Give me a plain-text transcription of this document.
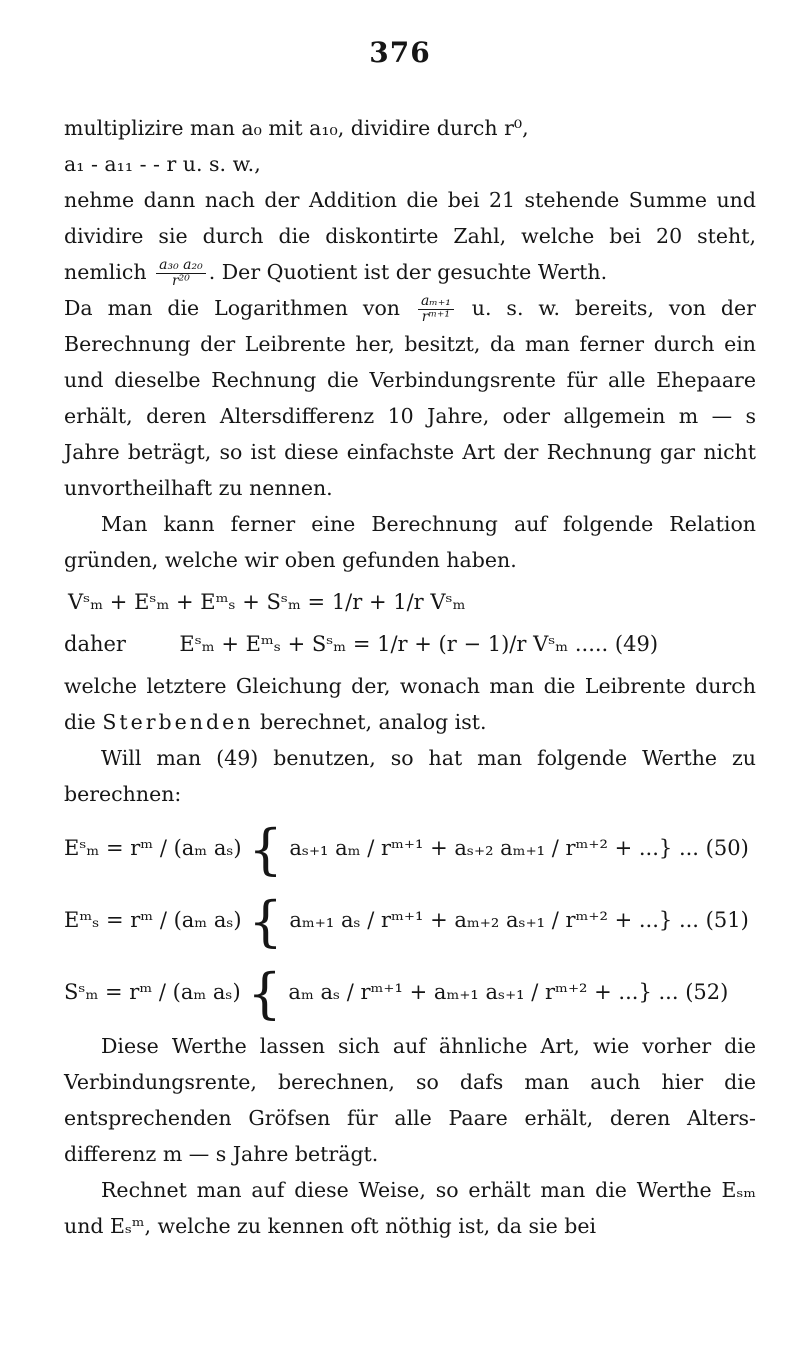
376

multiplizire man a₀ mit a₁₀, dividire durch r⁰,

a₁ - a₁₁ - - r u. s. w.,

nehme dann nach der Addition die bei 21 stehende Summe und dividire sie durch die diskontirte Zahl, welche bei 20 steht, nemlich $\frac{\text{a₃₀ a₂₀}}{\text{r²⁰}}$ . Der Quotient ist der gesuchte Werth.

Da man die Logarithmen von $\frac{\text{aₘ₊₁}}{\text{rᵐ⁺¹}} u$. s. w. bereits, von der Berechnung der Leibrente her, besitzt, da man ferner durch ein und dieselbe Rechnung die Verbindungsrente für alle Ehepaare erhält, deren Altersdifferenz 10 Jahre, oder allgemein m — s Jahre beträgt, so ist diese einfachste Art der Rechnung gar nicht unvortheilhaft zu nennen.

Man kann ferner eine Berechnung auf folgende Relation gründen, welche wir oben gefunden haben.

Vˢₘ + Eˢₘ + Eᵐₛ + Sˢₘ = 1/r + 1/r Vˢₘ
daher	Eˢₘ + Eᵐₛ + Sˢₘ = 1/r + (r − 1)/r Vˢₘ ..... (49)

welche letztere Gleichung der, wonach man die Leibrente durch die Sterbenden berechnet, analog ist.

Will man (49) benutzen, so hat man folgende Werthe zu berechnen:

Eˢₘ = rᵐ / (aₘ aₛ) { aₛ₊₁ aₘ / rᵐ⁺¹ + aₛ₊₂ aₘ₊₁ / rᵐ⁺² + ...} ... (50)
Eᵐₛ = rᵐ / (aₘ aₛ) { aₘ₊₁ aₛ / rᵐ⁺¹ + aₘ₊₂ aₛ₊₁ / rᵐ⁺² + ...} ... (51)
Sˢₘ = rᵐ / (aₘ aₛ) { aₘ aₛ / rᵐ⁺¹ + aₘ₊₁ aₛ₊₁ / rᵐ⁺² + ...} ... (52)

Diese Werthe lassen sich auf ähnliche Art, wie vorher die Verbindungsrente, berechnen, so dafs man auch hier die entsprechenden Gröfsen für alle Paare erhält, deren Alters-differenz m — s Jahre beträgt.

Rechnet man auf diese Weise, so erhält man die Werthe Eₛₘ und Eₛᵐ, welche zu kennen oft nöthig ist, da sie bei
